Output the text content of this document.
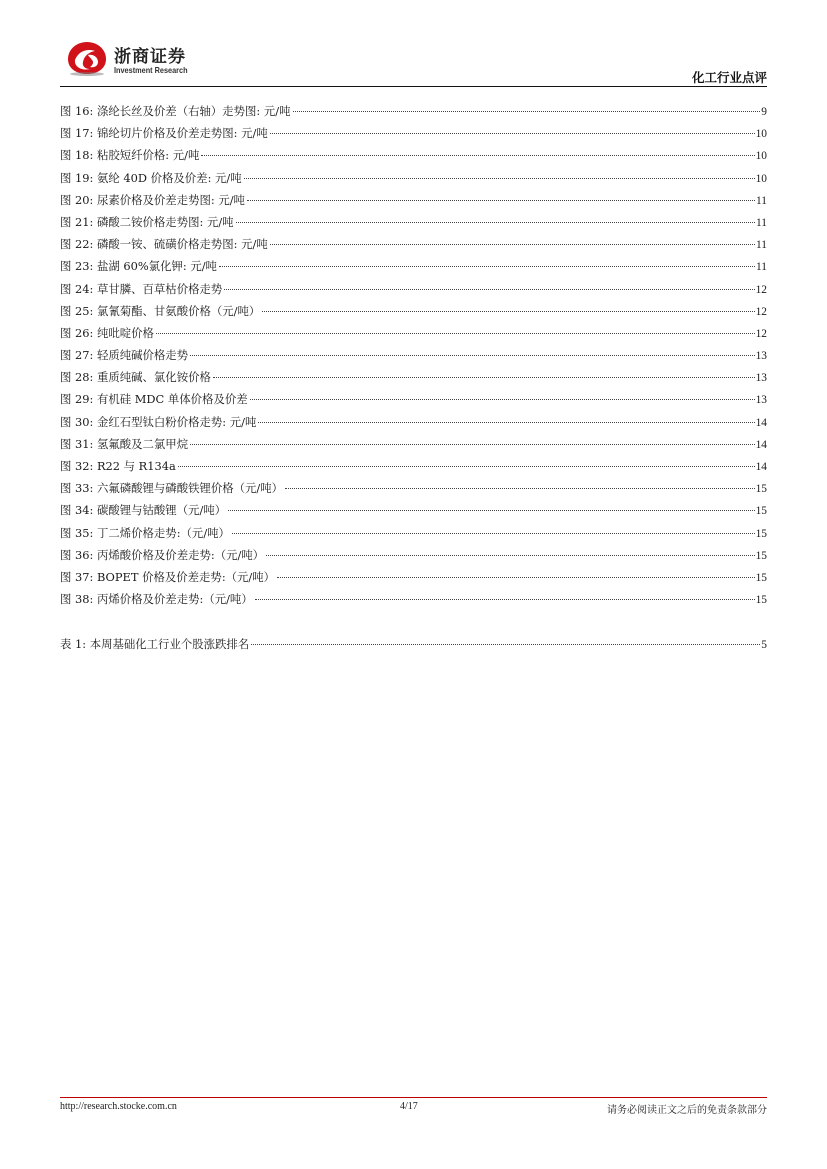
浙商证券
Investment Research	化工行业点评
图 16: 涤纶长丝及价差（右轴）走势图: 元/吨	9
图 17: 锦纶切片价格及价差走势图: 元/吨	10
图 18: 粘胶短纤价格: 元/吨	10
图 19: 氨纶 40D 价格及价差: 元/吨	10
图 20: 尿素价格及价差走势图: 元/吨	11
图 21: 磷酸二铵价格走势图: 元/吨	11
图 22: 磷酸一铵、硫磺价格走势图: 元/吨	11
图 23: 盐湖 60%氯化钾: 元/吨	11
图 24: 草甘膦、百草枯价格走势	12
图 25: 氯氰菊酯、甘氨酸价格（元/吨）	12
图 26: 纯吡啶价格	12
图 27: 轻质纯碱价格走势	13
图 28: 重质纯碱、氯化铵价格	13
图 29: 有机硅 MDC 单体价格及价差	13
图 30: 金红石型钛白粉价格走势: 元/吨	14
图 31: 氢氟酸及二氯甲烷	14
图 32: R22 与 R134a	14
图 33: 六氟磷酸锂与磷酸铁锂价格（元/吨）	15
图 34: 碳酸锂与钴酸锂（元/吨）	15
图 35: 丁二烯价格走势:（元/吨）	15
图 36: 丙烯酸价格及价差走势:（元/吨）	15
图 37: BOPET 价格及价差走势:（元/吨）	15
图 38: 丙烯价格及价差走势:（元/吨）	15
表 1: 本周基础化工行业个股涨跌排名	5
http://research.stocke.com.cn	4/17	请务必阅读正文之后的免责条款部分
